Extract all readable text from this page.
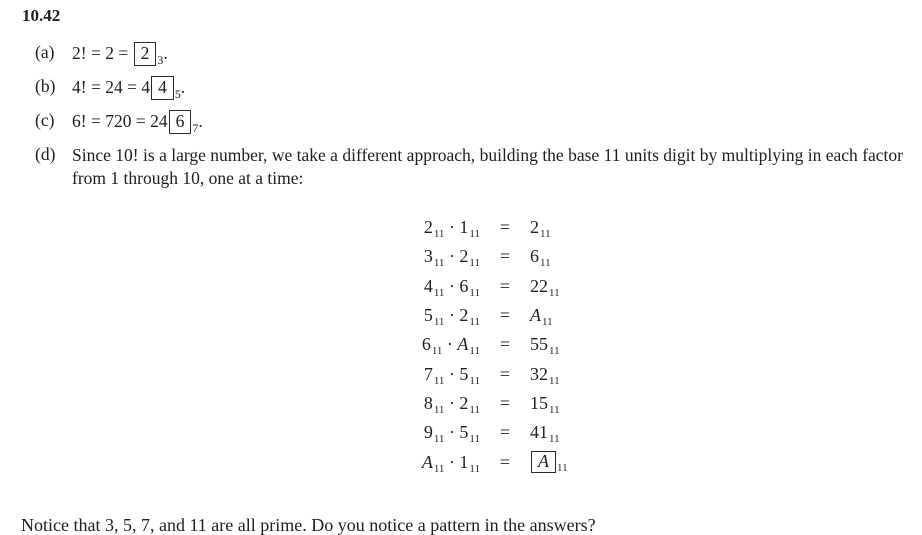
10.42
(a) 2! = 2 = 2 $_3$.
(b) 4! = 24 = 4 4 $_5$.
(c) 6! = 720 = 24 6 $_7$.
(d) Since 10! is a large number, we take a different approach, building the base 11 units digit by multiplying in each factor from 1 through 10, one at a time:
$2_{11} \cdot 1_{11}$	=	$2_{11}$
$3_{11} \cdot 2_{11}$	=	$6_{11}$
$4_{11} \cdot 6_{11}$	=	$22_{11}$
$5_{11} \cdot 2_{11}$	=	$A_{11}$
$6_{11} \cdot A_{11}$	=	$55_{11}$
$7_{11} \cdot 5_{11}$	=	$32_{11}$
$8_{11} \cdot 2_{11}$	=	$15_{11}$
$9_{11} \cdot 5_{11}$	=	$41_{11}$
$A_{11} \cdot 1_{11}$	=	A $_{11}$

Notice that 3, 5, 7, and 11 are all prime. Do you notice a pattern in the answers?
